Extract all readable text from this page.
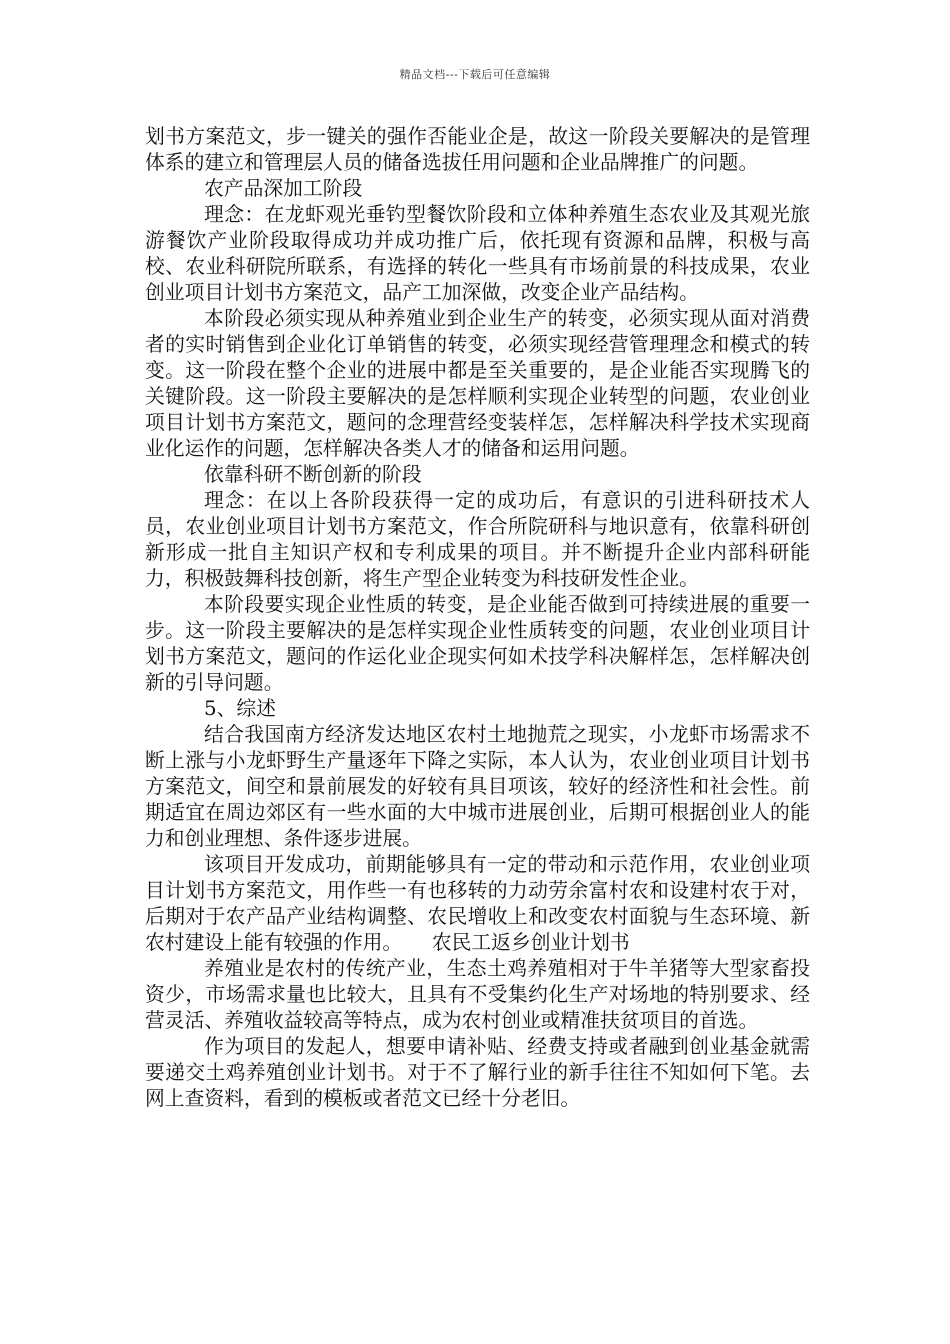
精品文档---下载后可任意编辑

划书方案范文，步一键关的强作否能业企是，故这一阶段关要解决的是管理体系的建立和管理层人员的储备选拔任用问题和企业品牌推广的问题。

农产品深加工阶段

理念：在龙虾观光垂钓型餐饮阶段和立体种养殖生态农业及其观光旅游餐饮产业阶段取得成功并成功推广后，依托现有资源和品牌，积极与高校、农业科研院所联系，有选择的转化一些具有市场前景的科技成果，农业创业项目计划书方案范文，品产工加深做，改变企业产品结构。

本阶段必须实现从种养殖业到企业生产的转变，必须实现从面对消费者的实时销售到企业化订单销售的转变，必须实现经营管理理念和模式的转变。这一阶段在整个企业的进展中都是至关重要的，是企业能否实现腾飞的关键阶段。这一阶段主要解决的是怎样顺利实现企业转型的问题，农业创业项目计划书方案范文，题问的念理营经变装样怎，怎样解决科学技术实现商业化运作的问题，怎样解决各类人才的储备和运用问题。

依靠科研不断创新的阶段

理念：在以上各阶段获得一定的成功后，有意识的引进科研技术人员，农业创业项目计划书方案范文，作合所院研科与地识意有，依靠科研创新形成一批自主知识产权和专利成果的项目。并不断提升企业内部科研能力，积极鼓舞科技创新，将生产型企业转变为科技研发性企业。

本阶段要实现企业性质的转变，是企业能否做到可持续进展的重要一步。这一阶段主要解决的是怎样实现企业性质转变的问题，农业创业项目计划书方案范文，题问的作运化业企现实何如术技学科决解样怎，怎样解决创新的引导问题。

5、综述

结合我国南方经济发达地区农村土地抛荒之现实，小龙虾市场需求不断上涨与小龙虾野生产量逐年下降之实际，本人认为，农业创业项目计划书方案范文，间空和景前展发的好较有具目项该，较好的经济性和社会性。前期适宜在周边郊区有一些水面的大中城市进展创业，后期可根据创业人的能力和创业理想、条件逐步进展。

该项目开发成功，前期能够具有一定的带动和示范作用，农业创业项目计划书方案范文，用作些一有也移转的力动劳余富村农和设建村农于对，后期对于农产品产业结构调整、农民增收上和改变农村面貌与生态环境、新农村建设上能有较强的作用。　　农民工返乡创业计划书

养殖业是农村的传统产业，生态土鸡养殖相对于牛羊猪等大型家畜投资少，市场需求量也比较大，且具有不受集约化生产对场地的特别要求、经营灵活、养殖收益较高等特点，成为农村创业或精准扶贫项目的首选。

作为项目的发起人，想要申请补贴、经费支持或者融到创业基金就需要递交土鸡养殖创业计划书。对于不了解行业的新手往往不知如何下笔。去网上查资料，看到的模板或者范文已经十分老旧。
